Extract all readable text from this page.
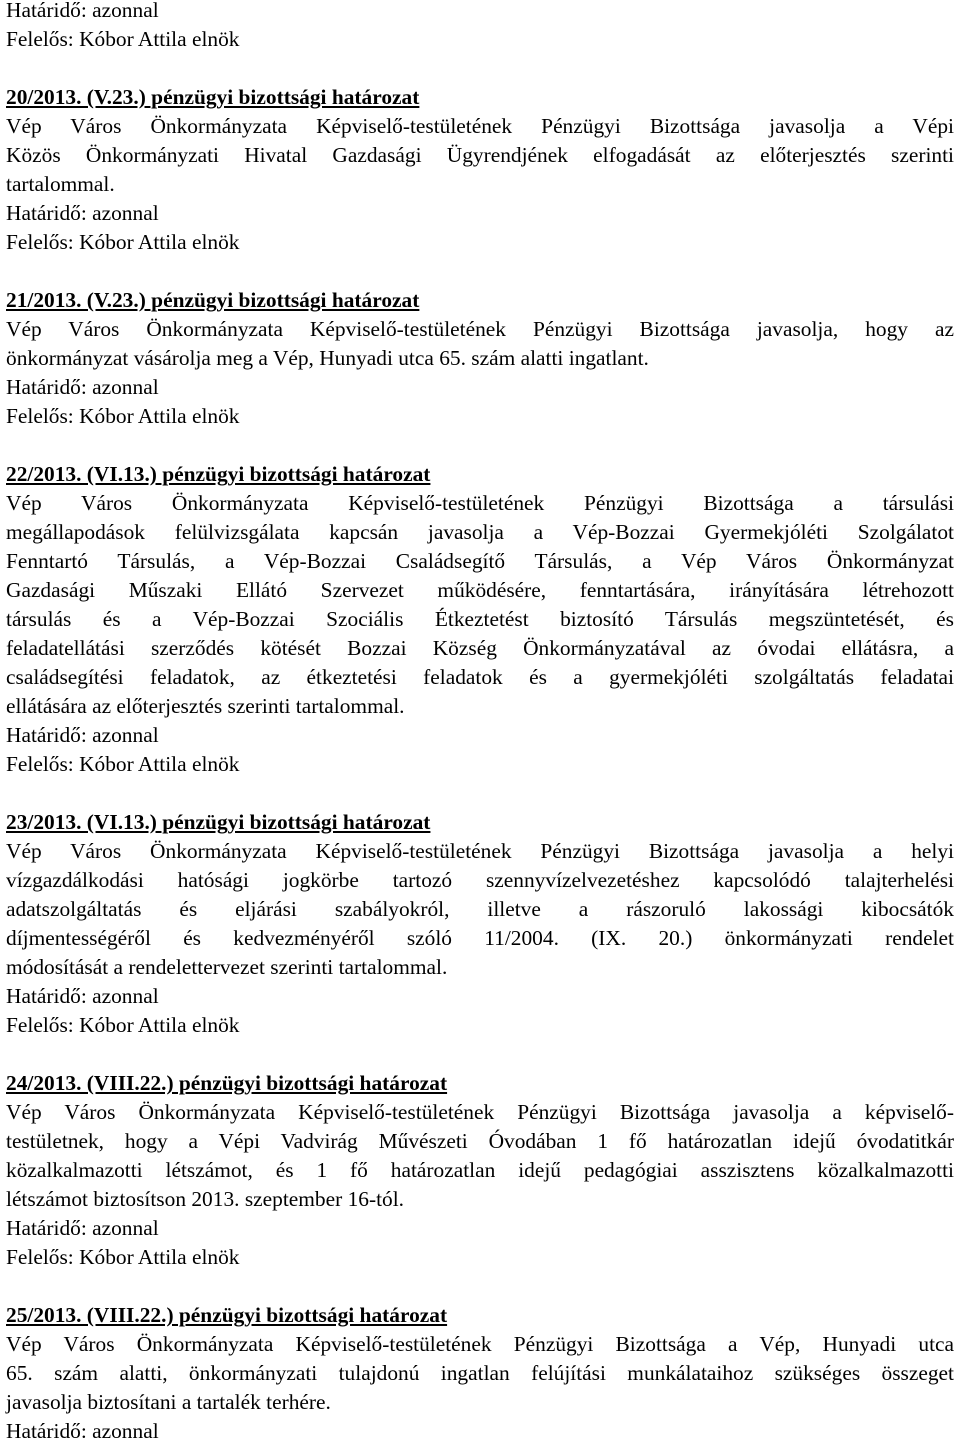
Határidő: azonnal
Felelős: Kóbor Attila elnök
20/2013. (V.23.) pénzügyi bizottsági határozat
Vép Város Önkormányzata Képviselő-testületének Pénzügyi Bizottsága javasolja a Vépi
Közös Önkormányzati Hivatal Gazdasági Ügyrendjének elfogadását az előterjesztés szerinti
tartalommal.
Határidő: azonnal
Felelős: Kóbor Attila elnök
21/2013. (V.23.) pénzügyi bizottsági határozat
Vép Város Önkormányzata Képviselő-testületének Pénzügyi Bizottsága javasolja, hogy az
önkormányzat vásárolja meg a Vép, Hunyadi utca 65. szám alatti ingatlant.
Határidő: azonnal
Felelős: Kóbor Attila elnök
22/2013. (VI.13.) pénzügyi bizottsági határozat
Vép Város Önkormányzata Képviselő-testületének Pénzügyi Bizottsága a társulási
megállapodások felülvizsgálata kapcsán javasolja a Vép-Bozzai Gyermekjóléti Szolgálatot
Fenntartó Társulás, a Vép-Bozzai Családsegítő Társulás, a Vép Város Önkormányzat
Gazdasági Műszaki Ellátó Szervezet működésére, fenntartására, irányítására létrehozott
társulás és a Vép-Bozzai Szociális Étkeztetést biztosító Társulás megszüntetését, és
feladatellátási szerződés kötését Bozzai Község Önkormányzatával az óvodai ellátásra, a
családsegítési feladatok, az étkeztetési feladatok és a gyermekjóléti szolgáltatás feladatai
ellátására az előterjesztés szerinti tartalommal.
Határidő: azonnal
Felelős: Kóbor Attila elnök
23/2013. (VI.13.) pénzügyi bizottsági határozat
Vép Város Önkormányzata Képviselő-testületének Pénzügyi Bizottsága javasolja a helyi
vízgazdálkodási hatósági jogkörbe tartozó szennyvízelvezetéshez kapcsolódó talajterhelési
adatszolgáltatás és eljárási szabályokról, illetve a rászoruló lakossági kibocsátók
díjmentességéről és kedvezményéről szóló 11/2004. (IX. 20.) önkormányzati rendelet
módosítását a rendelettervezet szerinti tartalommal.
Határidő: azonnal
Felelős: Kóbor Attila elnök
24/2013. (VIII.22.) pénzügyi bizottsági határozat
Vép Város Önkormányzata Képviselő-testületének Pénzügyi Bizottsága javasolja a képviselő-
testületnek, hogy a Vépi Vadvirág Művészeti Óvodában 1 fő határozatlan idejű óvodatitkár
közalkalmazotti létszámot, és 1 fő határozatlan idejű pedagógiai asszisztens közalkalmazotti
létszámot biztosítson 2013. szeptember 16-tól.
Határidő: azonnal
Felelős: Kóbor Attila elnök
25/2013. (VIII.22.) pénzügyi bizottsági határozat
Vép Város Önkormányzata Képviselő-testületének Pénzügyi Bizottsága a Vép, Hunyadi utca
65. szám alatti, önkormányzati tulajdonú ingatlan felújítási munkálataihoz szükséges összeget
javasolja biztosítani a tartalék terhére.
Határidő: azonnal
